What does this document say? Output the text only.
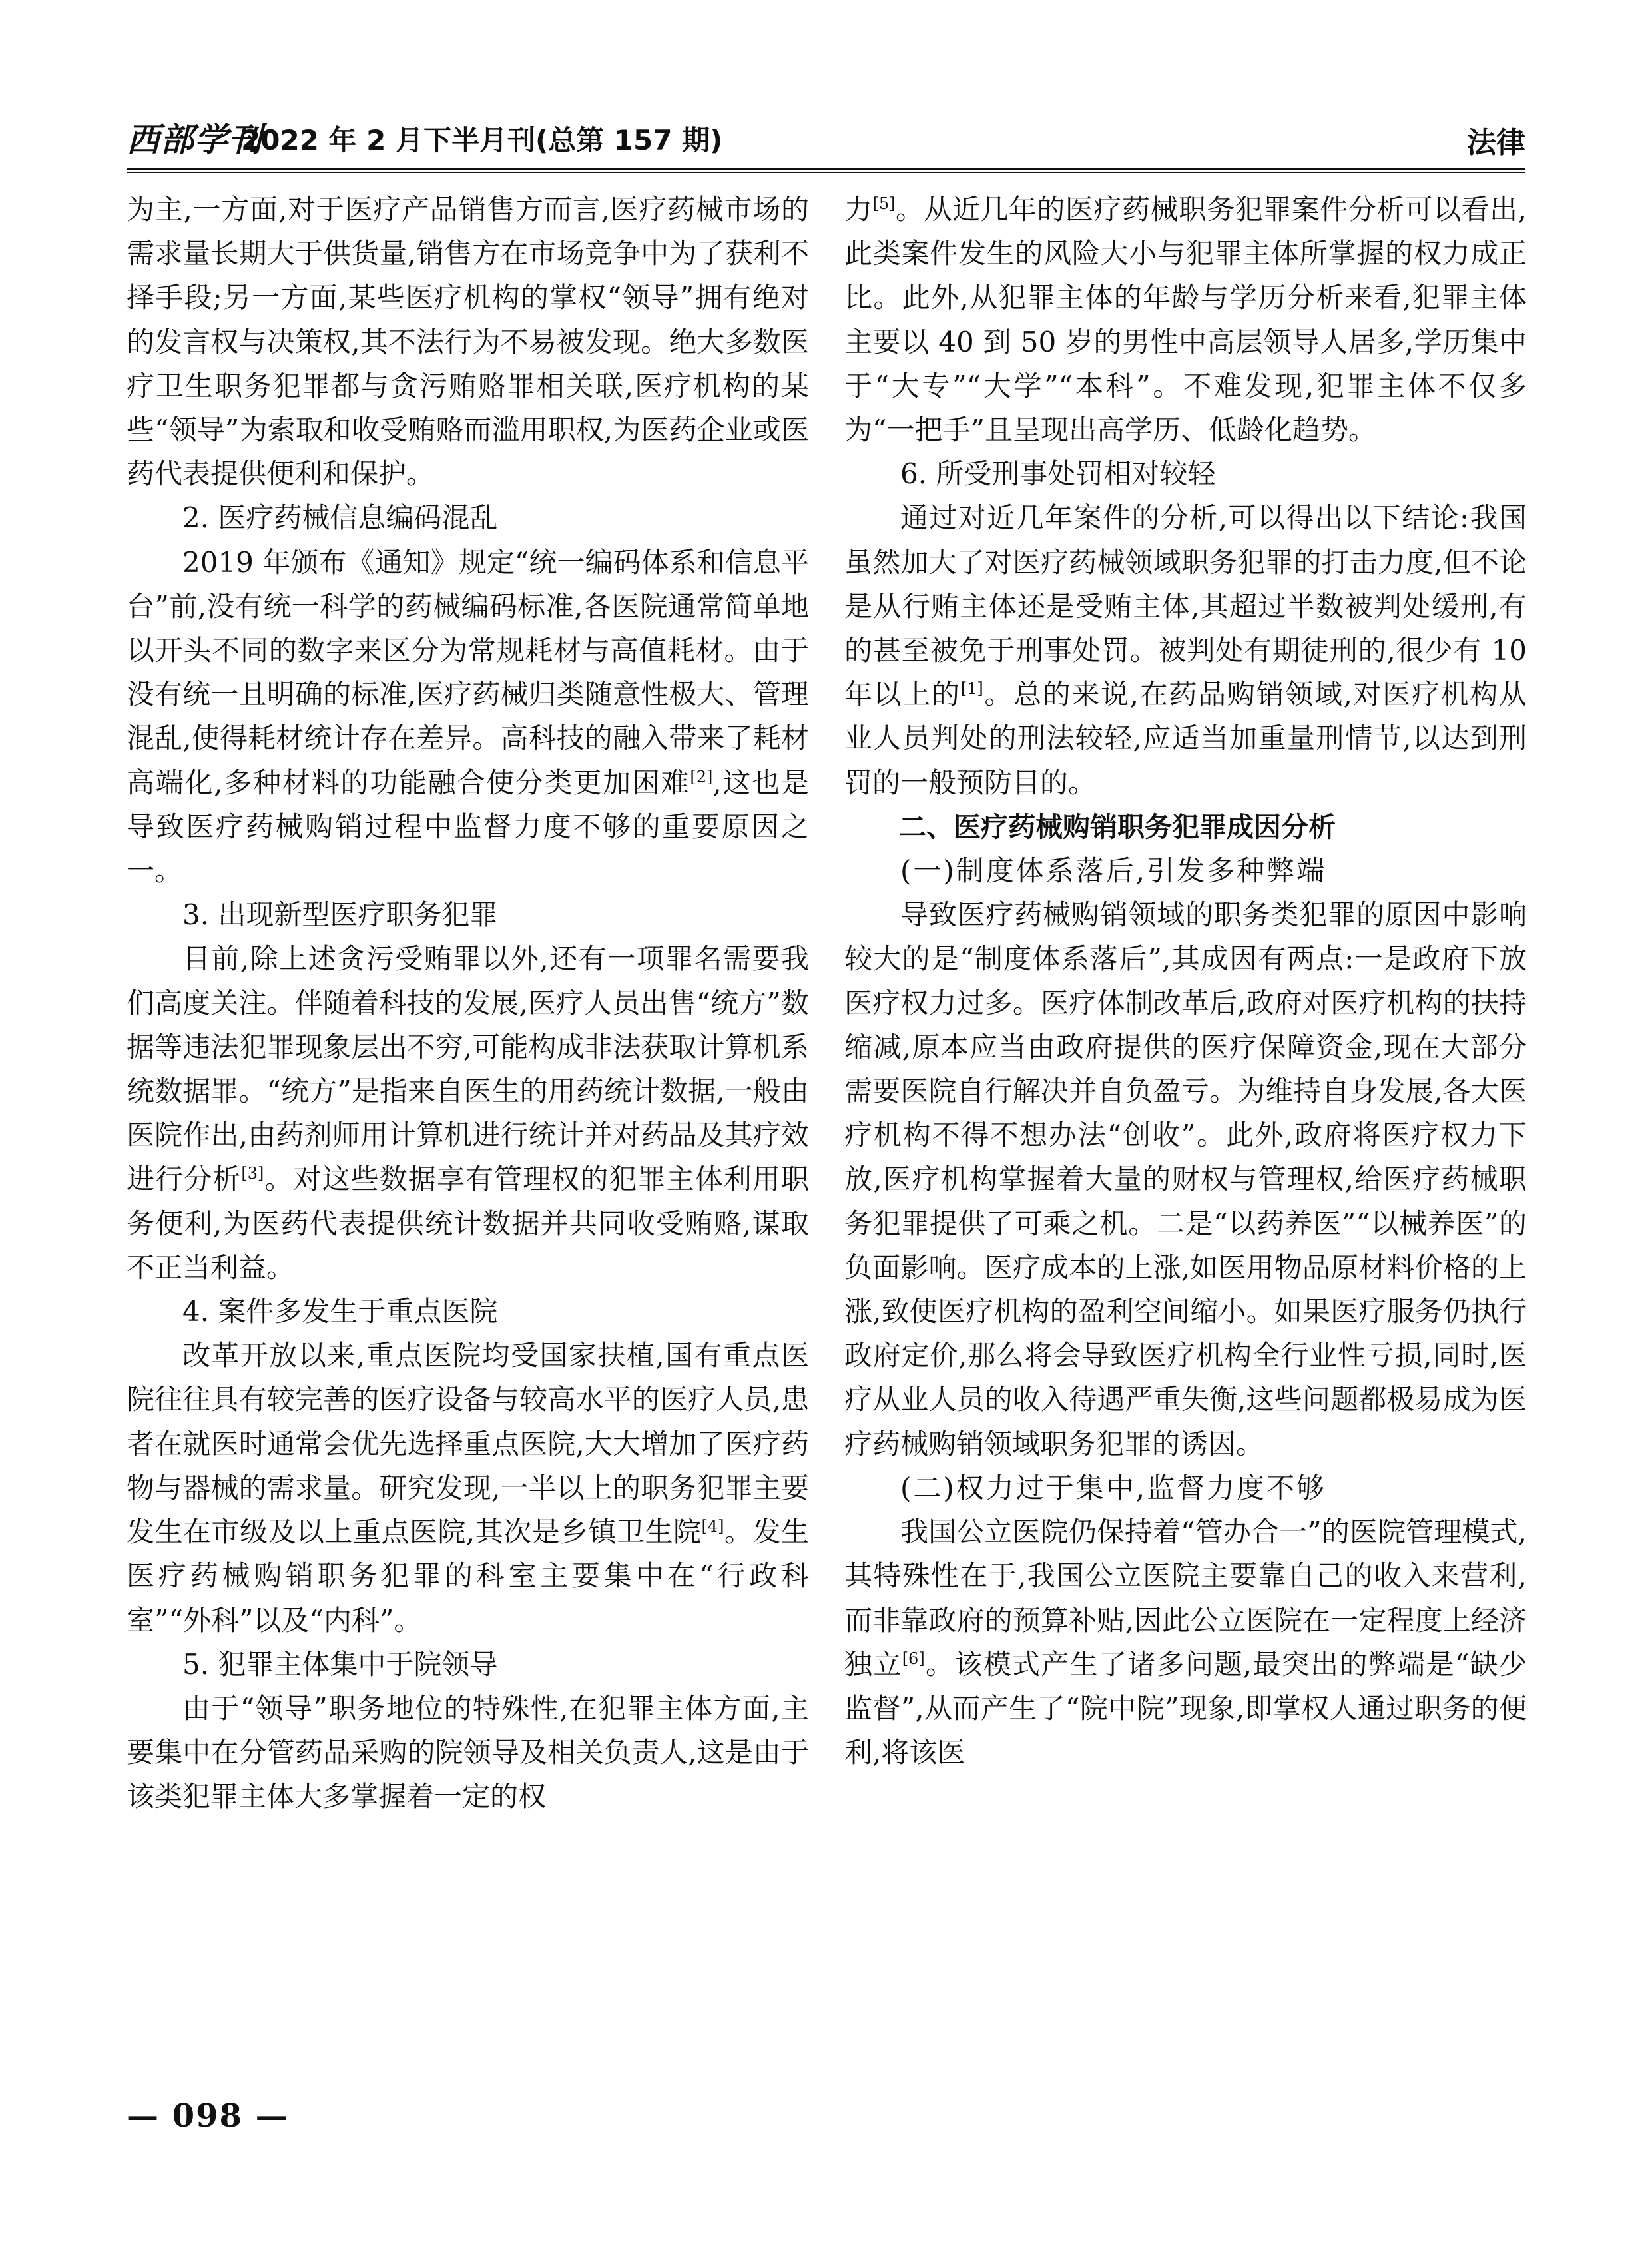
西部学刊
2022 年 2 月下半月刊(总第 157 期)	法律

为主,一方面,对于医疗产品销售方而言,医疗药械市场的需求量长期大于供货量,销售方在市场竞争中为了获利不择手段;另一方面,某些医疗机构的掌权“领导”拥有绝对的发言权与决策权,其不法行为不易被发现。绝大多数医疗卫生职务犯罪都与贪污贿赂罪相关联,医疗机构的某些“领导”为索取和收受贿赂而滥用职权,为医药企业或医药代表提供便利和保护。

2. 医疗药械信息编码混乱

2019 年颁布《通知》规定“统一编码体系和信息平台”前,没有统一科学的药械编码标准,各医院通常简单地以开头不同的数字来区分为常规耗材与高值耗材。由于没有统一且明确的标准,医疗药械归类随意性极大、管理混乱,使得耗材统计存在差异。高科技的融入带来了耗材高端化,多种材料的功能融合使分类更加困难[2],这也是导致医疗药械购销过程中监督力度不够的重要原因之一。

3. 出现新型医疗职务犯罪

目前,除上述贪污受贿罪以外,还有一项罪名需要我们高度关注。伴随着科技的发展,医疗人员出售“统方”数据等违法犯罪现象层出不穷,可能构成非法获取计算机系统数据罪。“统方”是指来自医生的用药统计数据,一般由医院作出,由药剂师用计算机进行统计并对药品及其疗效进行分析[3]。对这些数据享有管理权的犯罪主体利用职务便利,为医药代表提供统计数据并共同收受贿赂,谋取不正当利益。

4. 案件多发生于重点医院

改革开放以来,重点医院均受国家扶植,国有重点医院往往具有较完善的医疗设备与较高水平的医疗人员,患者在就医时通常会优先选择重点医院,大大增加了医疗药物与器械的需求量。研究发现,一半以上的职务犯罪主要发生在市级及以上重点医院,其次是乡镇卫生院[4]。发生医疗药械购销职务犯罪的科室主要集中在“行政科室”“外科”以及“内科”。

5. 犯罪主体集中于院领导

由于“领导”职务地位的特殊性,在犯罪主体方面,主要集中在分管药品采购的院领导及相关负责人,这是由于该类犯罪主体大多掌握着一定的权

力[5]。从近几年的医疗药械职务犯罪案件分析可以看出,此类案件发生的风险大小与犯罪主体所掌握的权力成正比。此外,从犯罪主体的年龄与学历分析来看,犯罪主体主要以 40 到 50 岁的男性中高层领导人居多,学历集中于“大专”“大学”“本科”。不难发现,犯罪主体不仅多为“一把手”且呈现出高学历、低龄化趋势。

6. 所受刑事处罚相对较轻

通过对近几年案件的分析,可以得出以下结论:我国虽然加大了对医疗药械领域职务犯罪的打击力度,但不论是从行贿主体还是受贿主体,其超过半数被判处缓刑,有的甚至被免于刑事处罚。被判处有期徒刑的,很少有 10 年以上的[1]。总的来说,在药品购销领域,对医疗机构从业人员判处的刑法较轻,应适当加重量刑情节,以达到刑罚的一般预防目的。

二、医疗药械购销职务犯罪成因分析

(一)制度体系落后,引发多种弊端

导致医疗药械购销领域的职务类犯罪的原因中影响较大的是“制度体系落后”,其成因有两点:一是政府下放医疗权力过多。医疗体制改革后,政府对医疗机构的扶持缩减,原本应当由政府提供的医疗保障资金,现在大部分需要医院自行解决并自负盈亏。为维持自身发展,各大医疗机构不得不想办法“创收”。此外,政府将医疗权力下放,医疗机构掌握着大量的财权与管理权,给医疗药械职务犯罪提供了可乘之机。二是“以药养医”“以械养医”的负面影响。医疗成本的上涨,如医用物品原材料价格的上涨,致使医疗机构的盈利空间缩小。如果医疗服务仍执行政府定价,那么将会导致医疗机构全行业性亏损,同时,医疗从业人员的收入待遇严重失衡,这些问题都极易成为医疗药械购销领域职务犯罪的诱因。

(二)权力过于集中,监督力度不够

我国公立医院仍保持着“管办合一”的医院管理模式,其特殊性在于,我国公立医院主要靠自己的收入来营利,而非靠政府的预算补贴,因此公立医院在一定程度上经济独立[6]。该模式产生了诸多问题,最突出的弊端是“缺少监督”,从而产生了“院中院”现象,即掌权人通过职务的便利,将该医

— 098 —
